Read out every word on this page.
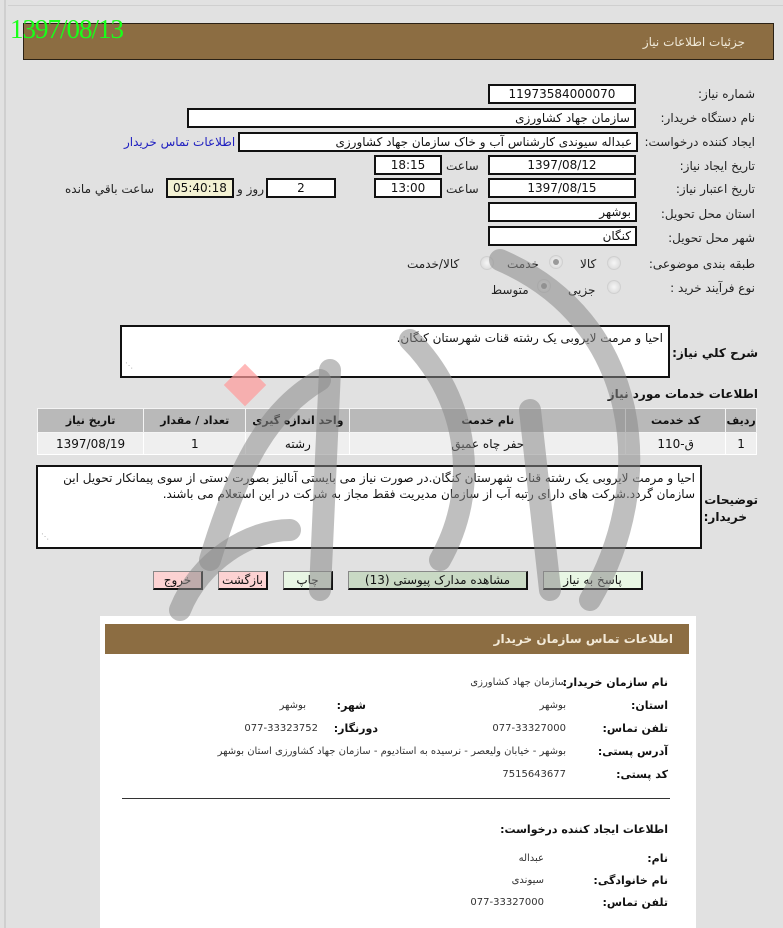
1397/08/13	جزئیات اطلاعات نیاز
شماره نیاز:
1197358400007​0
نام دستگاه خریدار:
سازمان جهاد کشاورزی
ایجاد کننده درخواست:
عبداله سیوندی کارشناس آب و خاک سازمان جهاد کشاورزی
اطلاعات تماس خریدار
تاریخ ایجاد نیاز:
1397/08/12
ساعت
18:15
تاریخ اعتبار نیاز:
1397/08/15
ساعت
13:00
2
روز و
05:40:18
ساعت باقي مانده
استان محل تحویل:
بوشهر
شهر محل تحویل:
کنگان
طبقه بندی موضوعی:
کالا
خدمت
کالا/خدمت
نوع فرآیند خرید :
جزیی
متوسط
شرح کلي نياز:
احیا و مرمت لایروبی یک رشته قنات شهرستان کنگان.
⋰
اطلاعات خدمات مورد نیاز
ردیف	کد خدمت	نام خدمت	واحد اندازه گیری	تعداد / مقدار	تاریخ نیاز
1	ق-110	حفر چاه عمیق	رشته	1	1397/08/19
توضیحات
خریدار:
احیا و مرمت لایروبی یک رشته قنات شهرستان کنگان.در صورت نیاز می بایستی آنالیز بصورت دستی از سوی پیمانکار تحویل این سازمان گردد.شرکت های دارای رتبه آب از سازمان مدیریت فقط مجاز به شرکت در این استعلام می باشند.
⋰
پاسخ به نیاز
مشاهده مدارک پیوستی (13)
چاپ
بازگشت
خروج
اطلاعات تماس سازمان خریدار
نام سازمان خریدار:
سازمان جهاد کشاورزی
استان:
بوشهر
شهر:
بوشهر
تلفن تماس:
077-33327000
دورنگار:
077-33323752
آدرس پستی:
بوشهر - خیابان ولیعصر - نرسیده به استادیوم - سازمان جهاد کشاورزی استان بوشهر
کد پستی:
7515643677
اطلاعات ایجاد کننده درخواست:
نام:
عبداله
نام خانوادگی:
سیوندی
تلفن تماس:
077-33327000
